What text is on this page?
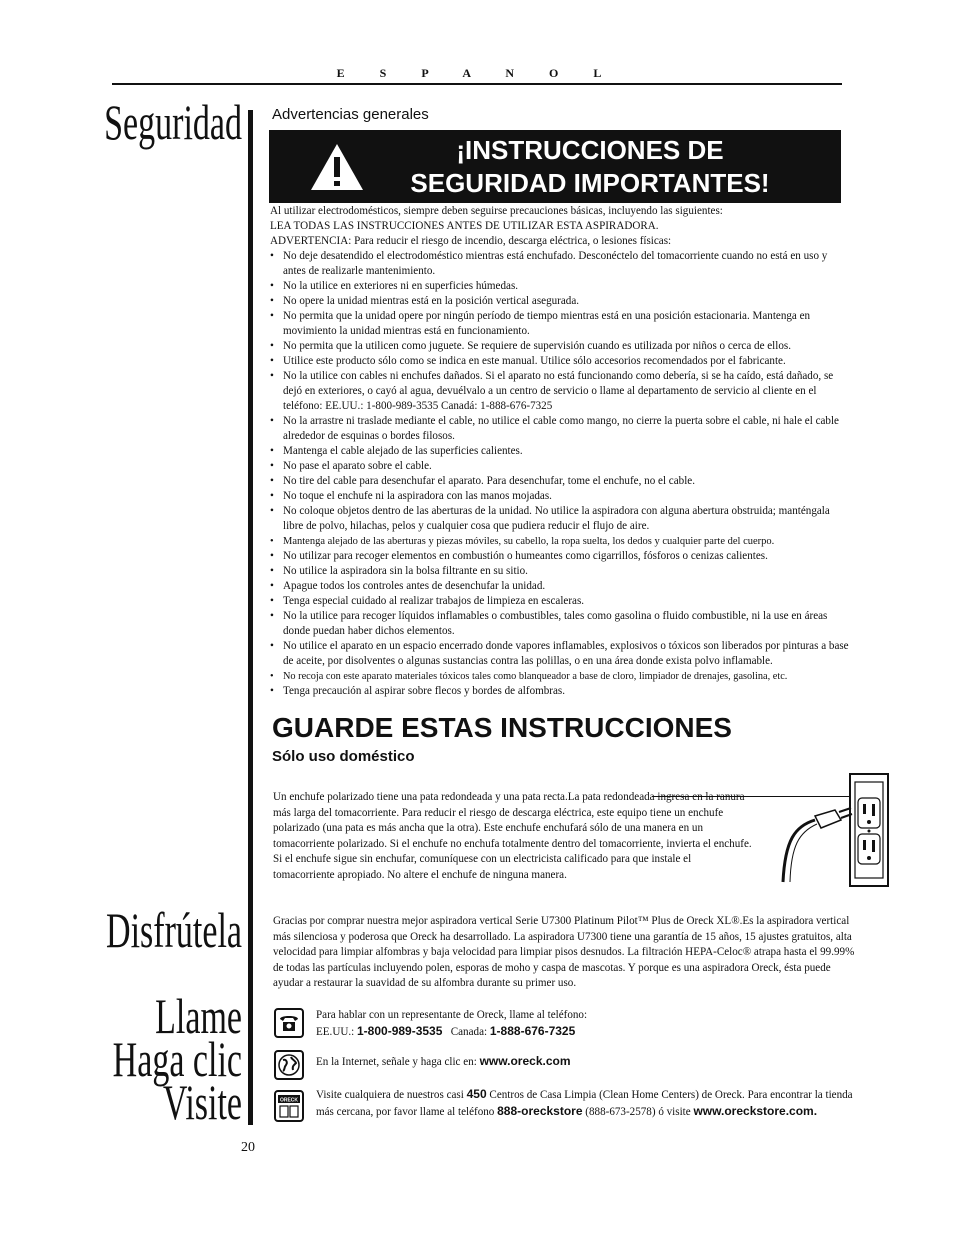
E S P A N O L
Seguridad
Disfrútela
Llame
Haga clic
Visite
Advertencias generales
¡INSTRUCCIONES DE
SEGURIDAD IMPORTANTES!

Al utilizar electrodomésticos, siempre deben seguirse precauciones básicas, incluyendo las siguientes:

LEA TODAS LAS INSTRUCCIONES ANTES DE UTILIZAR ESTA ASPIRADORA.

ADVERTENCIA: Para reducir el riesgo de incendio, descarga eléctrica, o lesiones físicas:

• No deje desatendido el electrodoméstico mientras está enchufado. Desconéctelo del tomacorriente cuando no está en uso y antes de realizarle mantenimiento.
• No la utilice en exteriores ni en superficies húmedas.
• No opere la unidad mientras está en la posición vertical asegurada.
• No permita que la unidad opere por ningún período de tiempo mientras está en una posición estacionaria. Mantenga en movimiento la unidad mientras está en funcionamiento.
• No permita que la utilicen como juguete. Se requiere de supervisión cuando es utilizada por niños o cerca de ellos.
• Utilice este producto sólo como se indica en este manual. Utilice sólo accesorios recomendados por el fabricante.
• No la utilice con cables ni enchufes dañados. Si el aparato no está funcionando como debería, si se ha caído, está dañado, se dejó en exteriores, o cayó al agua, devuélvalo a un centro de servicio o llame al departamento de servicio al cliente en el teléfono: EE.UU.: 1-800-989-3535 Canadá: 1-888-676-7325
• No la arrastre ni traslade mediante el cable, no utilice el cable como mango, no cierre la puerta sobre el cable, ni hale el cable alrededor de esquinas o bordes filosos.
• Mantenga el cable alejado de las superficies calientes.
• No pase el aparato sobre el cable.
• No tire del cable para desenchufar el aparato. Para desenchufar, tome el enchufe, no el cable.
• No toque el enchufe ni la aspiradora con las manos mojadas.
• No coloque objetos dentro de las aberturas de la unidad. No utilice la aspiradora con alguna abertura obstruida; manténgala libre de polvo, hilachas, pelos y cualquier cosa que pudiera reducir el flujo de aire.
• Mantenga alejado de las aberturas y piezas móviles, su cabello, la ropa suelta, los dedos y cualquier parte del cuerpo.
• No utilizar para recoger elementos en combustión o humeantes como cigarrillos, fósforos o cenizas calientes.
• No utilice la aspiradora sin la bolsa filtrante en su sitio.
• Apague todos los controles antes de desenchufar la unidad.
• Tenga especial cuidado al realizar trabajos de limpieza en escaleras.
• No la utilice para recoger líquidos inflamables o combustibles, tales como gasolina o fluido combustible, ni la use en áreas donde puedan haber dichos elementos.
• No utilice el aparato en un espacio encerrado donde vapores inflamables, explosivos o tóxicos son liberados por pinturas a base de aceite, por disolventes o algunas sustancias contra las polillas, o en una área donde exista polvo inflamable.
• No recoja con este aparato materiales tóxicos tales como blanqueador a base de cloro, limpiador de drenajes, gasolina, etc.
• Tenga precaución al aspirar sobre flecos y bordes de alfombras.
GUARDE ESTAS INSTRUCCIONES
Sólo uso doméstico
Un enchufe polarizado tiene una pata redondeada y una pata recta.La pata redondeada ingresa en la ranura más larga del tomacorriente. Para reducir el riesgo de descarga eléctrica, este equipo tiene un enchufe polarizado (una pata es más ancha que la otra). Este enchufe enchufará sólo de una manera en un tomacorriente polarizado. Si el enchufe no enchufa totalmente dentro del tomacorriente, invierta el enchufe. Si el enchufe sigue sin enchufar, comuníquese con un electricista calificado para que instale el tomacorriente apropiado. No altere el enchufe de ninguna manera.
Gracias por comprar nuestra mejor aspiradora vertical Serie U7300 Platinum Pilot™ Plus de Oreck XL®.Es la aspiradora vertical más silenciosa y poderosa que Oreck ha desarrollado. La aspiradora U7300 tiene una garantía de 15 años, 15 ajustes gratuitos, alta velocidad para limpiar alfombras y baja velocidad para limpiar pisos desnudos. La filtración HEPA-Celoc® atrapa hasta el 99.99% de todas las partículas incluyendo polen, esporas de moho y caspa de mascotas. Y porque es una aspiradora Oreck, ésta puede ayudar a restaurar la suavidad de su alfombra durante su primer uso.
Para hablar con un representante de Oreck, llame al teléfono:
EE.UU.: 1-800-989-3535 Canada: 1-888-676-7325
En la Internet, señale y haga clic en: www.oreck.com
ORECK Visite cualquiera de nuestros casi 450 Centros de Casa Limpia (Clean Home Centers) de Oreck. Para encontrar la tienda más cercana, por favor llame al teléfono 888-oreckstore (888-673-2578) ó visite www.oreckstore.com.
20
